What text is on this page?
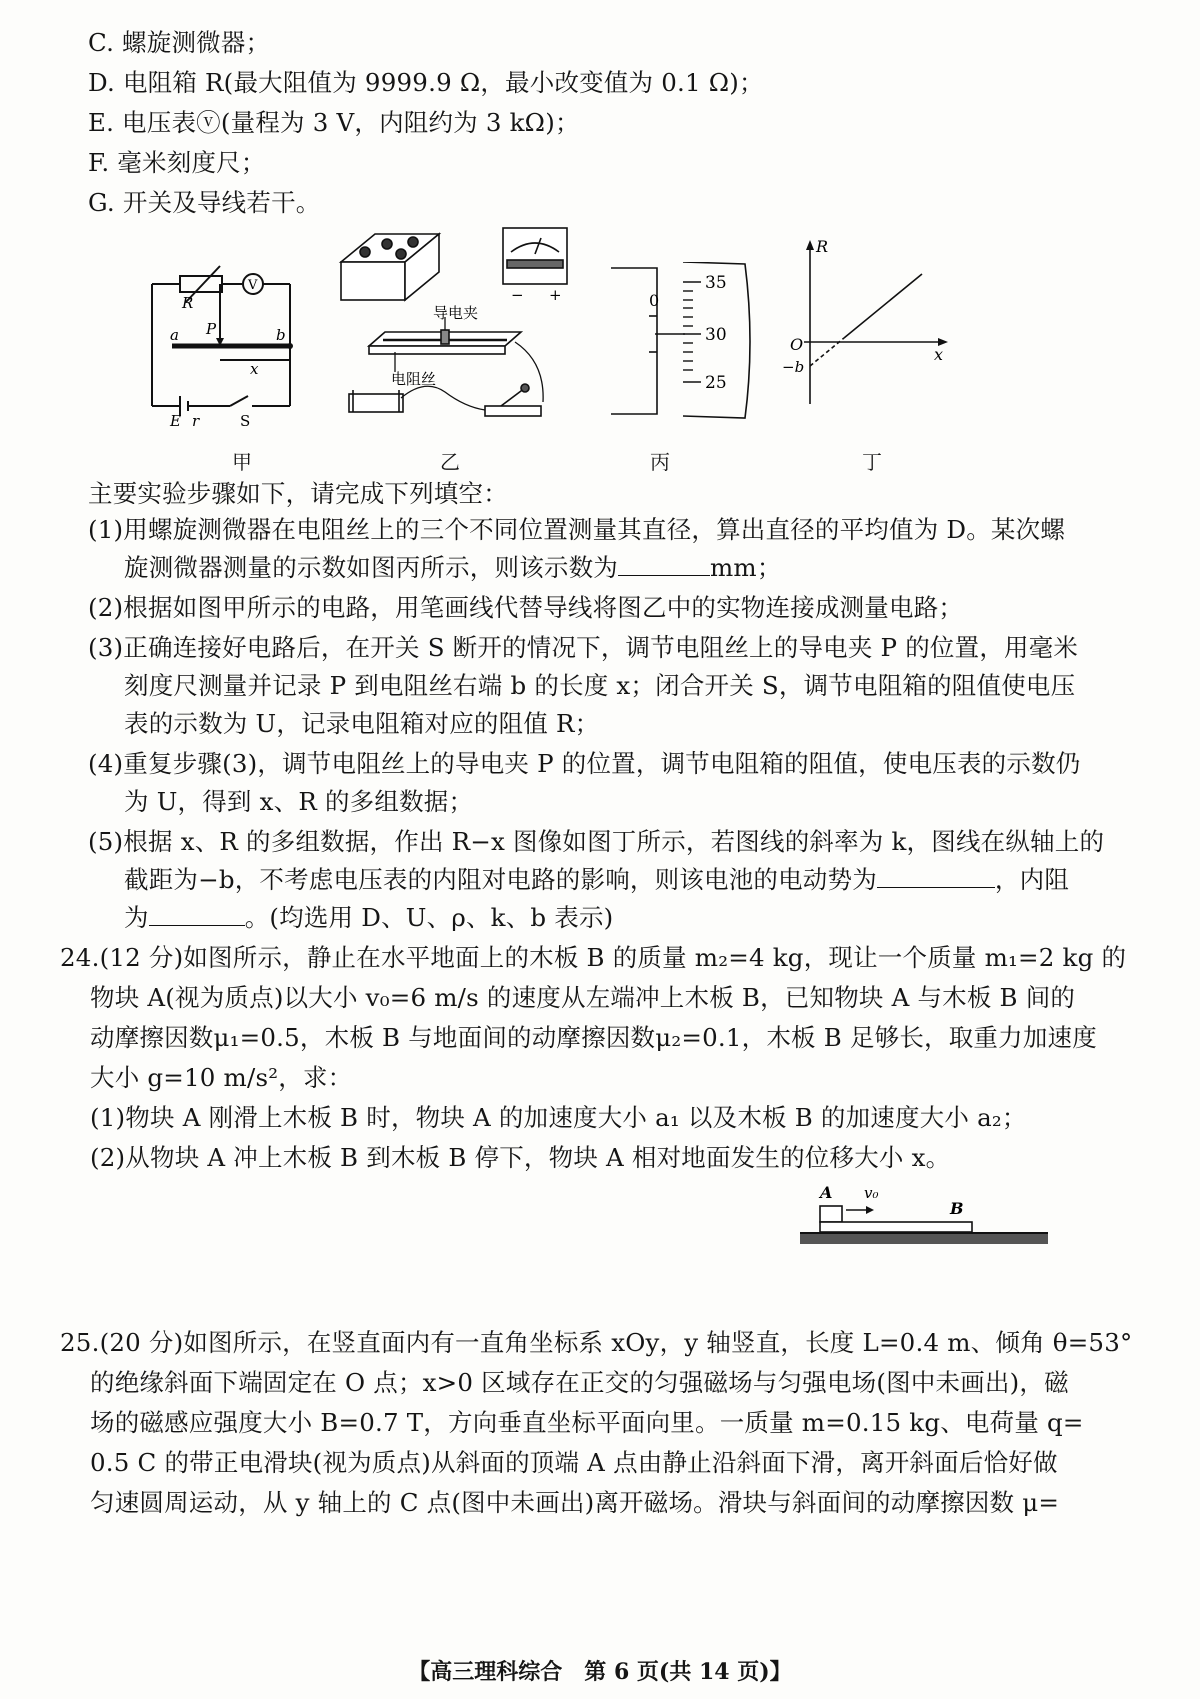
C. 螺旋测微器；
D. 电阻箱 R(最大阻值为 9999.9 Ω，最小改变值为 0.1 Ω)；
E. 电压表ⓥ(量程为 3 V，内阻约为 3 kΩ)；
F. 毫米刻度尺；
G. 开关及导线若干。
R
V
a P	b
x
E r	S
导电夹
电阻丝
− +
35
30
25
0
R
O
x
−b
甲	乙	丙	丁
主要实验步骤如下，请完成下列填空：
(1)用螺旋测微器在电阻丝上的三个不同位置测量其直径，算出直径的平均值为 D。某次螺
旋测微器测量的示数如图丙所示，则该示数为	mm；
(2)根据如图甲所示的电路，用笔画线代替导线将图乙中的实物连接成测量电路；
(3)正确连接好电路后，在开关 S 断开的情况下，调节电阻丝上的导电夹 P 的位置，用毫米
刻度尺测量并记录 P 到电阻丝右端 b 的长度 x；闭合开关 S，调节电阻箱的阻值使电压
表的示数为 U，记录电阻箱对应的阻值 R；
(4)重复步骤(3)，调节电阻丝上的导电夹 P 的位置，调节电阻箱的阻值，使电压表的示数仍
为 U，得到 x、R 的多组数据；
(5)根据 x、R 的多组数据，作出 R−x 图像如图丁所示，若图线的斜率为 k，图线在纵轴上的
截距为−b，不考虑电压表的内阻对电路的影响，则该电池的电动势为	，内阻
为	。(均选用 D、U、ρ、k、b 表示)
24.(12 分)如图所示，静止在水平地面上的木板 B 的质量 m₂=4 kg，现让一个质量 m₁=2 kg 的
物块 A(视为质点)以大小 v₀=6 m/s 的速度从左端冲上木板 B，已知物块 A 与木板 B 间的
动摩擦因数μ₁=0.5，木板 B 与地面间的动摩擦因数μ₂=0.1，木板 B 足够长，取重力加速度
大小 g=10 m/s²，求：
(1)物块 A 刚滑上木板 B 时，物块 A 的加速度大小 a₁ 以及木板 B 的加速度大小 a₂；
(2)从物块 A 冲上木板 B 到木板 B 停下，物块 A 相对地面发生的位移大小 x。
A v₀
B
25.(20 分)如图所示，在竖直面内有一直角坐标系 xOy，y 轴竖直，长度 L=0.4 m、倾角 θ=53°
的绝缘斜面下端固定在 O 点；x>0 区域存在正交的匀强磁场与匀强电场(图中未画出)，磁
场的磁感应强度大小 B=0.7 T，方向垂直坐标平面向里。一质量 m=0.15 kg、电荷量 q=
0.5 C 的带正电滑块(视为质点)从斜面的顶端 A 点由静止沿斜面下滑，离开斜面后恰好做
匀速圆周运动，从 y 轴上的 C 点(图中未画出)离开磁场。滑块与斜面间的动摩擦因数 μ=
【高三理科综合　第 6 页(共 14 页)】
